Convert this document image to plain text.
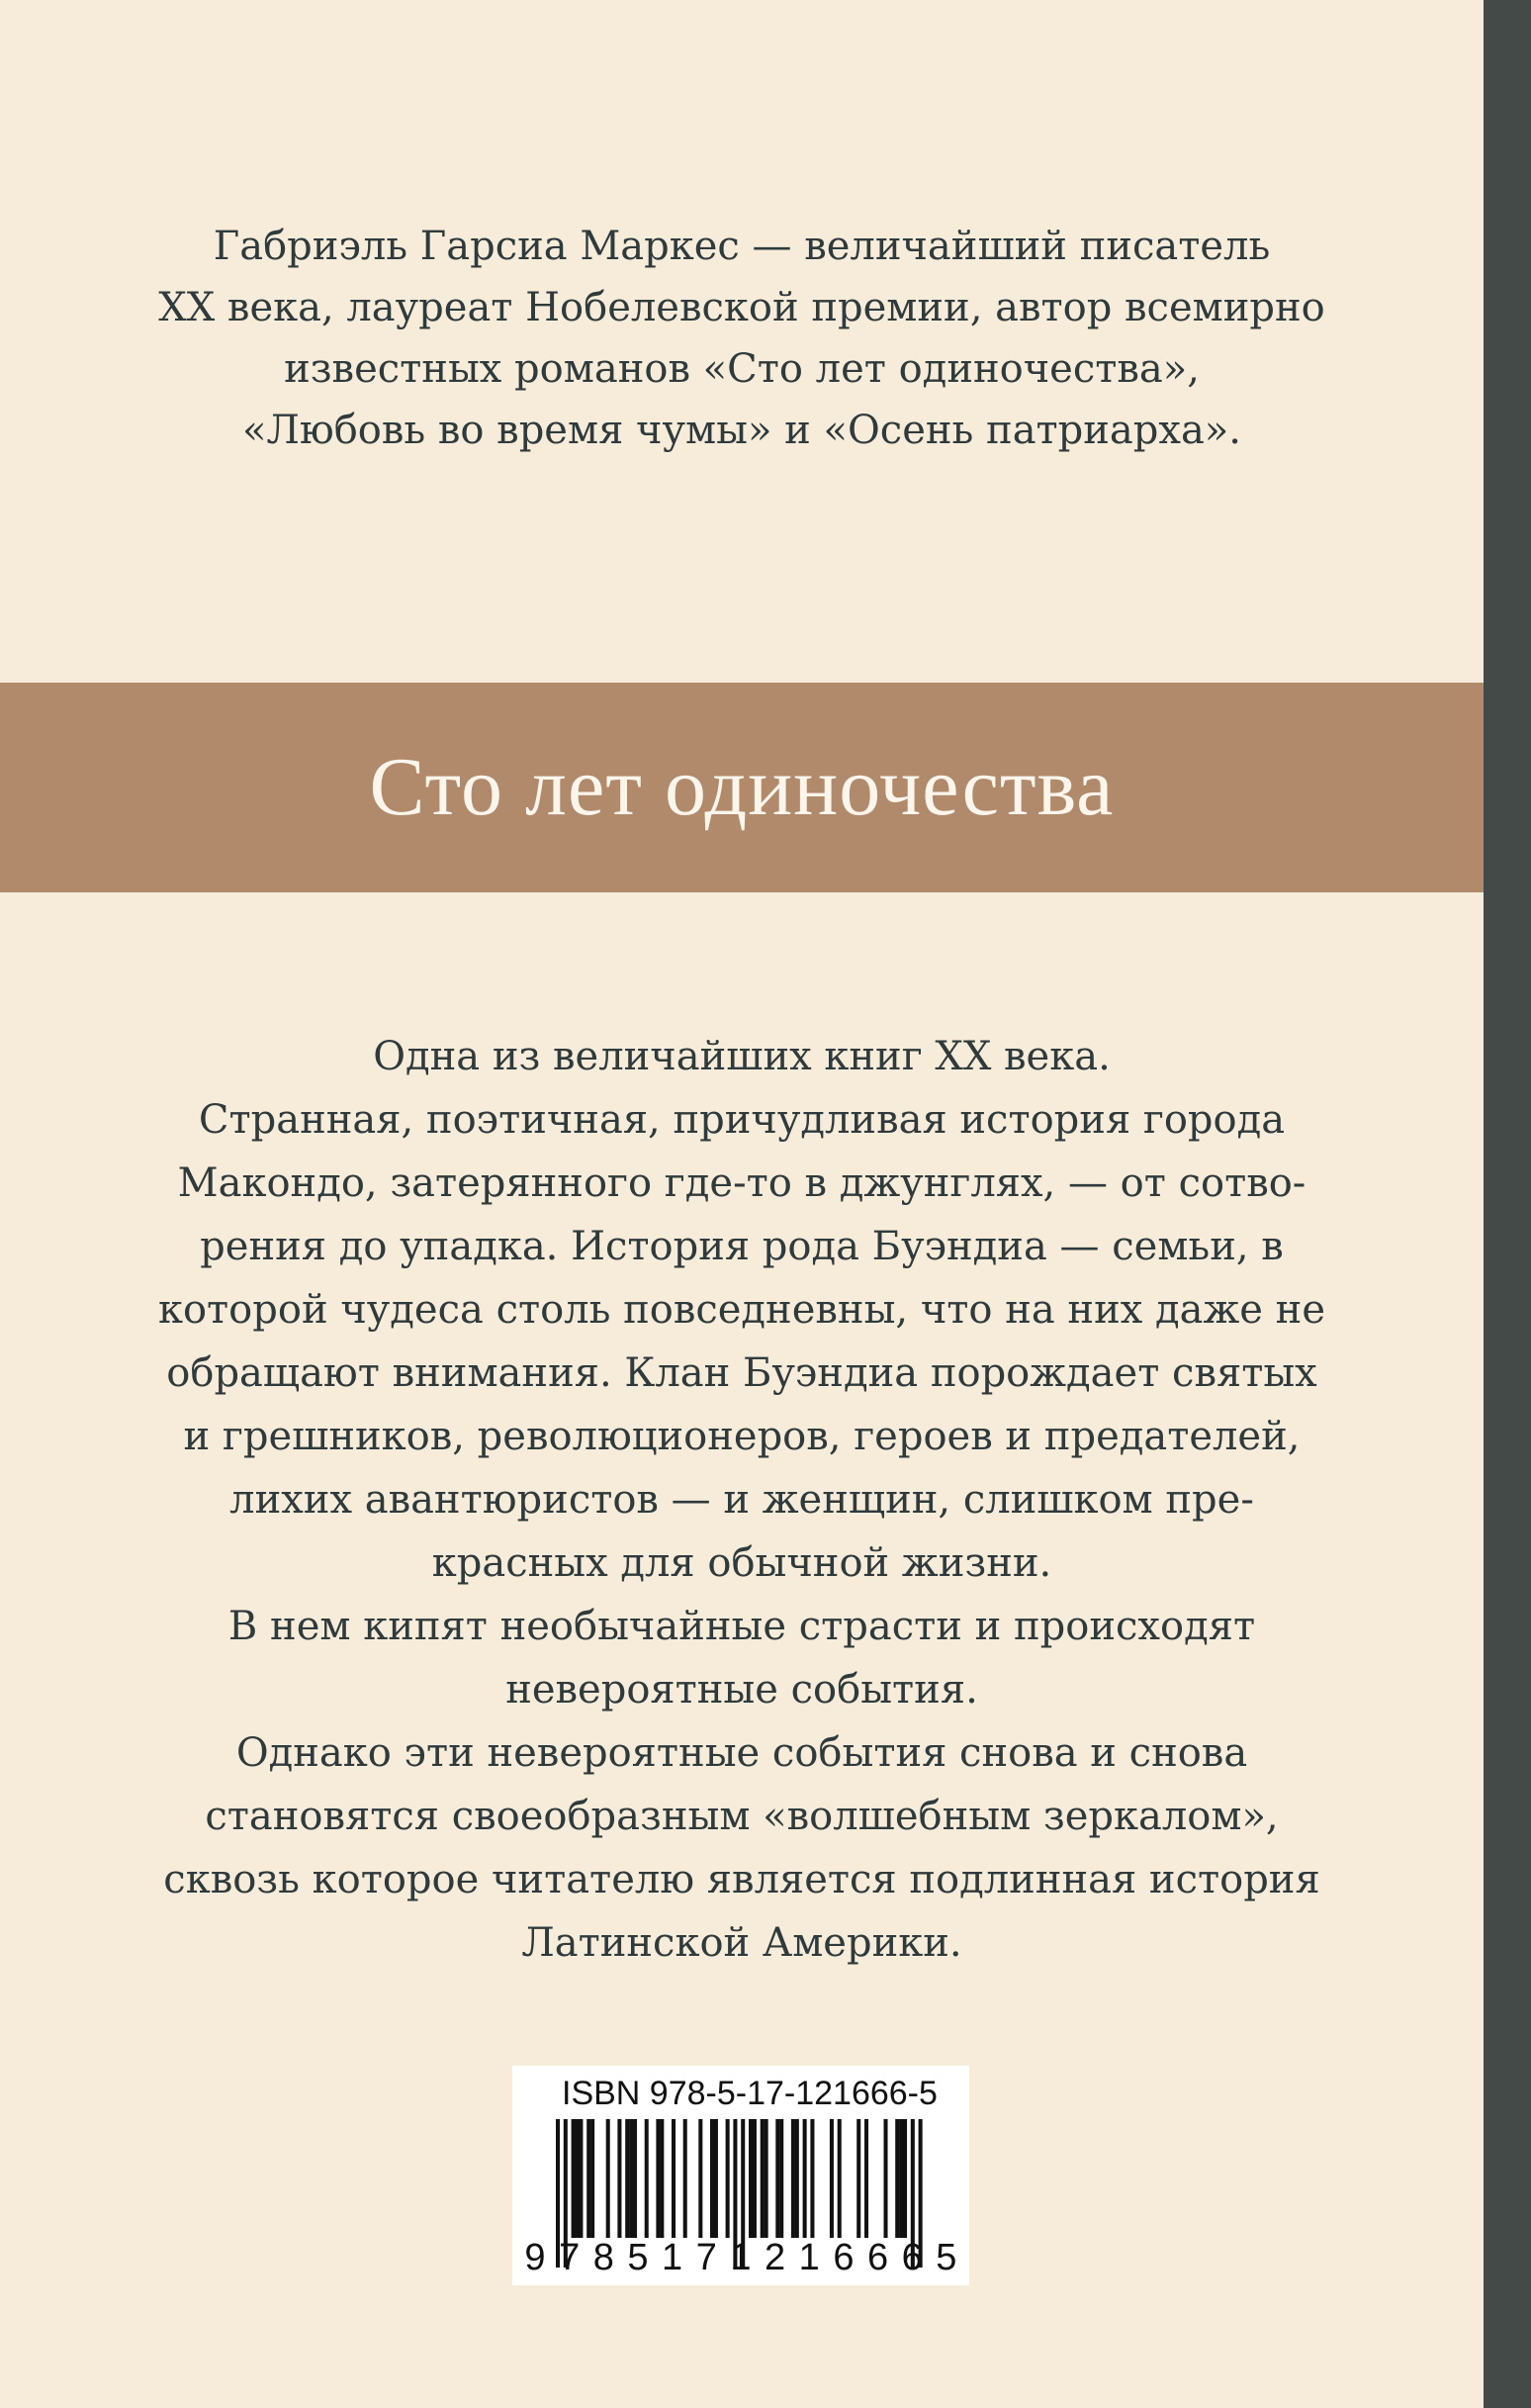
Габриэль Гарсиа Маркес — величайший писатель
XX века, лауреат Нобелевской премии, автор всемирно
известных романов «Сто лет одиночества»,
«Любовь во время чумы» и «Осень патриарха».
Сто лет одиночества
Одна из величайших книг XX века.
Странная, поэтичная, причудливая история города
Макондо, затерянного где-то в джунглях, — от сотво-
рения до упадка. История рода Буэндиа — семьи, в
которой чудеса столь повседневны, что на них даже не
обращают внимания. Клан Буэндиа порождает святых
и грешников, революционеров, героев и предателей,
лихих авантюристов — и женщин, слишком пре-
красных для обычной жизни.
В нем кипят необычайные страсти и происходят
невероятные события.
Однако эти невероятные события снова и снова
становятся своеобразным «волшебным зеркалом»,
сквозь которое читателю является подлинная история
Латинской Америки.
ISBN 978-5-17-121666-5
9 7 8 5 1 7 1 2 1 6 6 6 5
